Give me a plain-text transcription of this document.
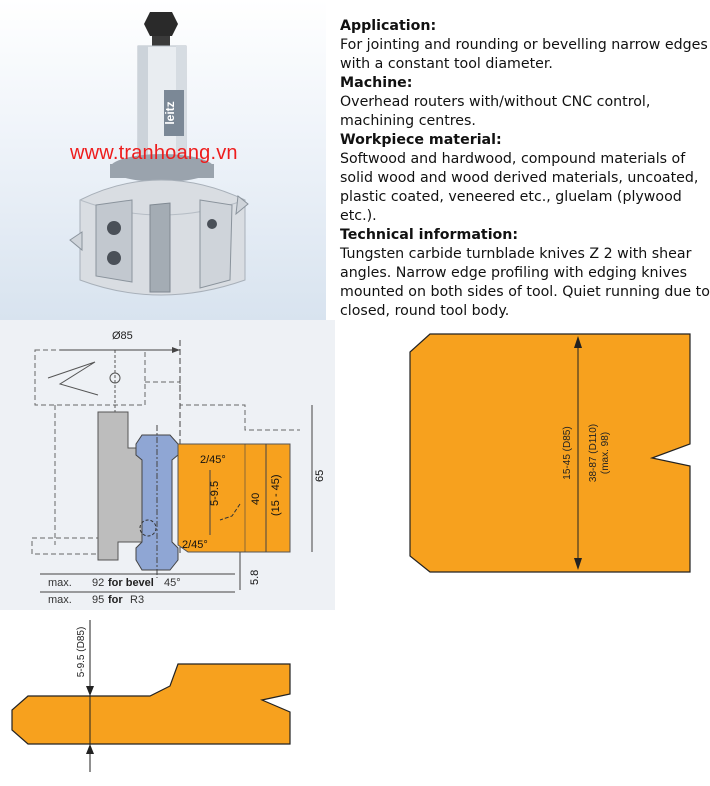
leitz
www.tranhoang.vn

Application:

For jointing and rounding or bevelling narrow edges with a constant tool diameter.

Machine:

Overhead routers with/without CNC control, machining centres.

Workpiece material:

Softwood and hardwood, compound materials of solid wood and wood derived materials, uncoated, plastic coated, veneered etc., gluelam (plywood etc.).

Technical information:

Tungsten carbide turnblade knives Z 2 with shear angles. Narrow edge profiling with edging knives mounted on both sides of tool. Quiet running due to closed, round tool body.

Ø85
2/45°
2/45°
5-9.5	40 (15 - 45)	65
5.8
max. 92 for bevel 45°
max. 95 for R3
15-45 (D85) 38-87 (D110) (max. 98)
5-9.5 (D85)
